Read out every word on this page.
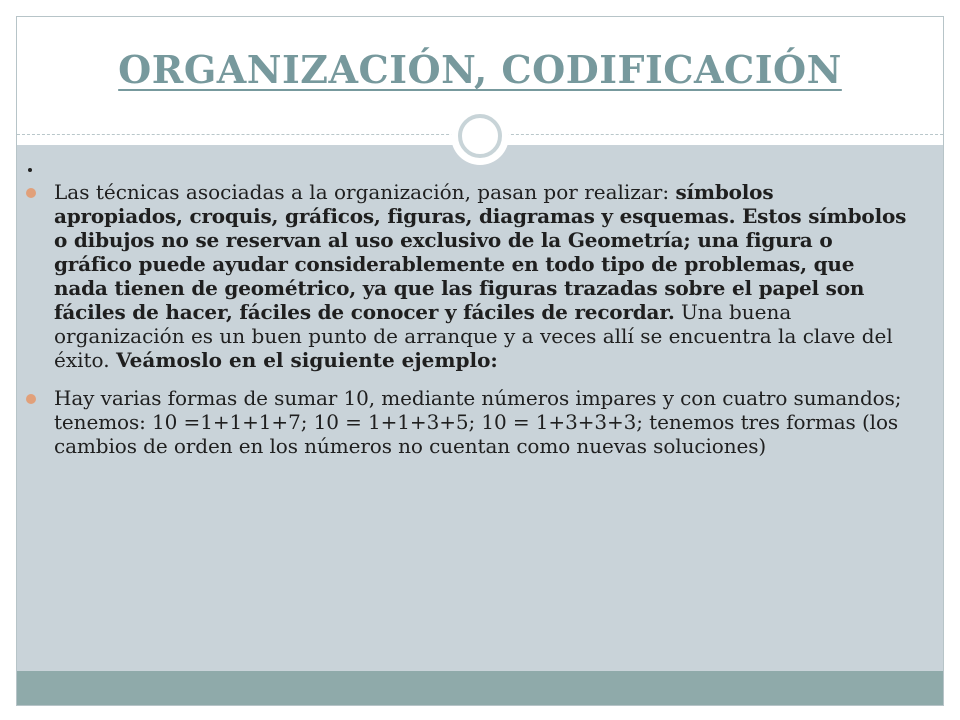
ORGANIZACIÓN, CODIFICACIÓN
Las técnicas asociadas a la organización, pasan por realizar: símbolos apropiados, croquis, gráficos, figuras, diagramas y esquemas. Estos símbolos o dibujos no se reservan al uso exclusivo de la Geometría; una figura o gráfico puede ayudar considerablemente en todo tipo de problemas, que nada tienen de geométrico, ya que las figuras trazadas sobre el papel son fáciles de hacer, fáciles de conocer y fáciles de recordar. Una buena organización es un buen punto de arranque y a veces allí se encuentra la clave del éxito. Veámoslo en el siguiente ejemplo:
Hay varias formas de sumar 10, mediante números impares y con cuatro sumandos; tenemos: 10 =1+1+1+7; 10 = 1+1+3+5; 10 = 1+3+3+3; tenemos tres formas (los cambios de orden en los números no cuentan como nuevas soluciones)
